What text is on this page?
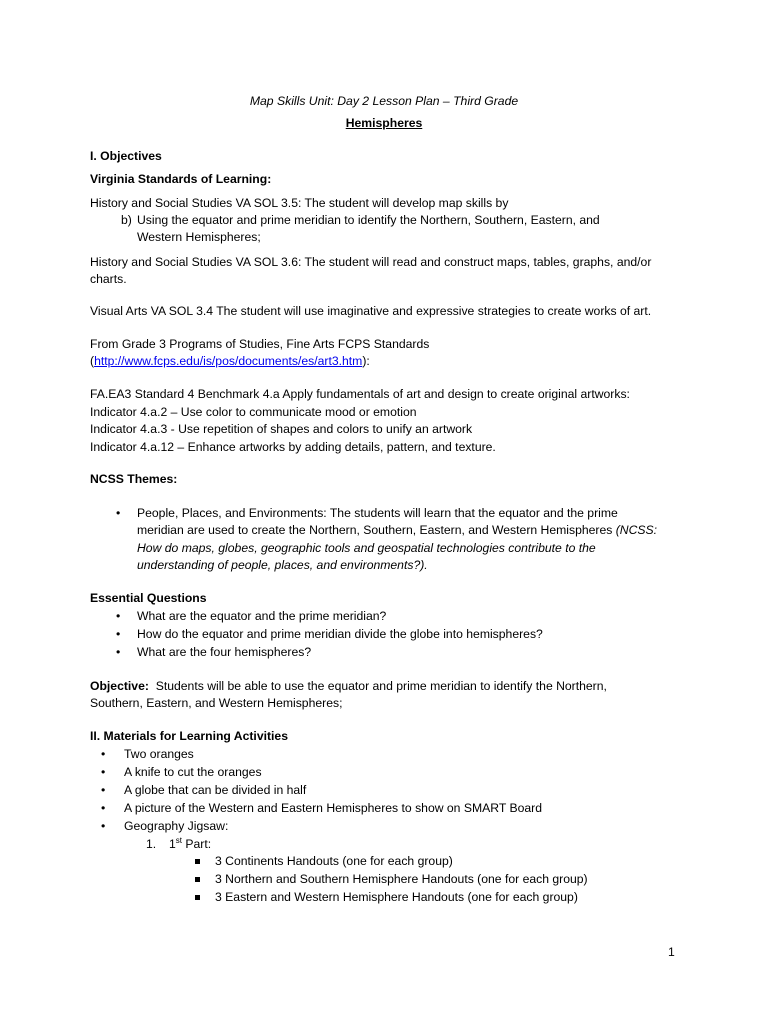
Map Skills Unit: Day 2 Lesson Plan – Third Grade
Hemispheres
I. Objectives
Virginia Standards of Learning:
History and Social Studies VA SOL 3.5: The student will develop map skills by
b) Using the equator and prime meridian to identify the Northern, Southern, Eastern, and
Western Hemispheres;
History and Social Studies VA SOL 3.6: The student will read and construct maps, tables, graphs, and/or
charts.
Visual Arts VA SOL 3.4 The student will use imaginative and expressive strategies to create works of art.
From Grade 3 Programs of Studies, Fine Arts FCPS Standards
(http://www.fcps.edu/is/pos/documents/es/art3.htm):
FA.EA3 Standard 4 Benchmark 4.a Apply fundamentals of art and design to create original artworks:
Indicator 4.a.2 – Use color to communicate mood or emotion
Indicator 4.a.3 - Use repetition of shapes and colors to unify an artwork
Indicator 4.a.12 – Enhance artworks by adding details, pattern, and texture.
NCSS Themes:
• People, Places, and Environments: The students will learn that the equator and the prime
meridian are used to create the Northern, Southern, Eastern, and Western Hemispheres (NCSS:
How do maps, globes, geographic tools and geospatial technologies contribute to the
understanding of people, places, and environments?).
Essential Questions
• What are the equator and the prime meridian?
• How do the equator and prime meridian divide the globe into hemispheres?
• What are the four hemispheres?
Objective:  Students will be able to use the equator and prime meridian to identify the Northern,
Southern, Eastern, and Western Hemispheres;
II. Materials for Learning Activities
• Two oranges
• A knife to cut the oranges
• A globe that can be divided in half
• A picture of the Western and Eastern Hemispheres to show on SMART Board
• Geography Jigsaw:
1. 1st Part:
3 Continents Handouts (one for each group)
3 Northern and Southern Hemisphere Handouts (one for each group)
3 Eastern and Western Hemisphere Handouts (one for each group)
1
